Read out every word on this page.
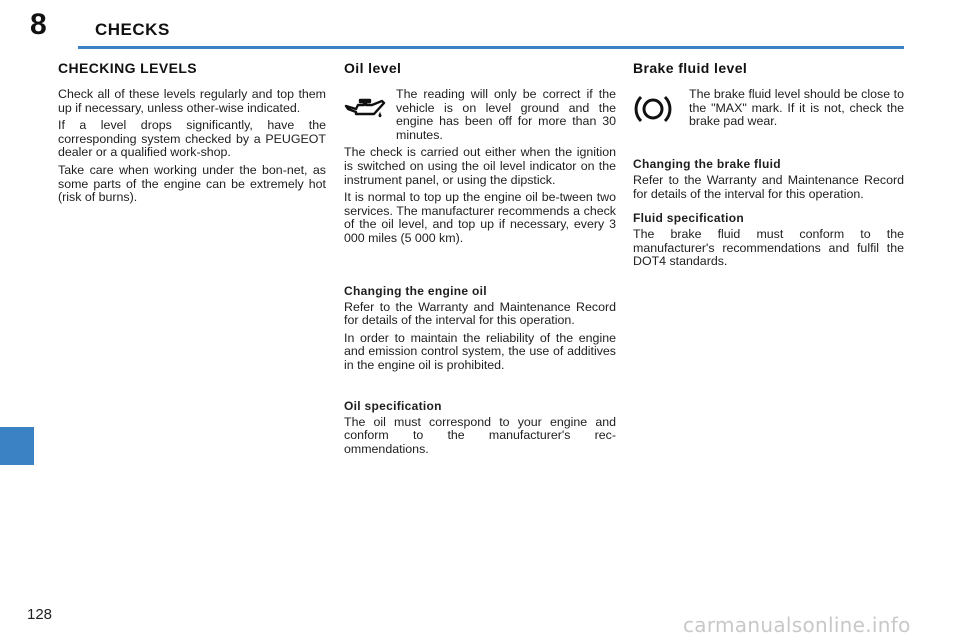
8	CHECKS
CHECKING LEVELS

Check all of these levels regularly and top them up if necessary, unless other-wise indicated.

If a level drops significantly, have the corresponding system checked by a PEUGEOT dealer or a qualified work-shop.

Take care when working under the bon-net, as some parts of the engine can be extremely hot (risk of burns).

Oil level

The reading will only be correct if the vehicle is on level ground and the engine has been off for more than 30 minutes.

The check is carried out either when the ignition is switched on using the oil level indicator on the instrument panel, or using the dipstick.

It is normal to top up the engine oil be-tween two services. The manufacturer recommends a check of the oil level, and top up if necessary, every 3 000 miles (5 000 km).

Changing the engine oil

Refer to the Warranty and Maintenance Record for details of the interval for this operation.

In order to maintain the reliability of the engine and emission control system, the use of additives in the engine oil is prohibited.

Oil specification

The oil must correspond to your engine and conform to the manufacturer's rec-ommendations.

Brake fluid level

The brake fluid level should be close to the "MAX" mark. If it is not, check the brake pad wear.

Changing the brake fluid

Refer to the Warranty and Maintenance Record for details of the interval for this operation.

Fluid specification

The brake fluid must conform to the manufacturer's recommendations and fulfil the DOT4 standards.

128	carmanualsonline.info
